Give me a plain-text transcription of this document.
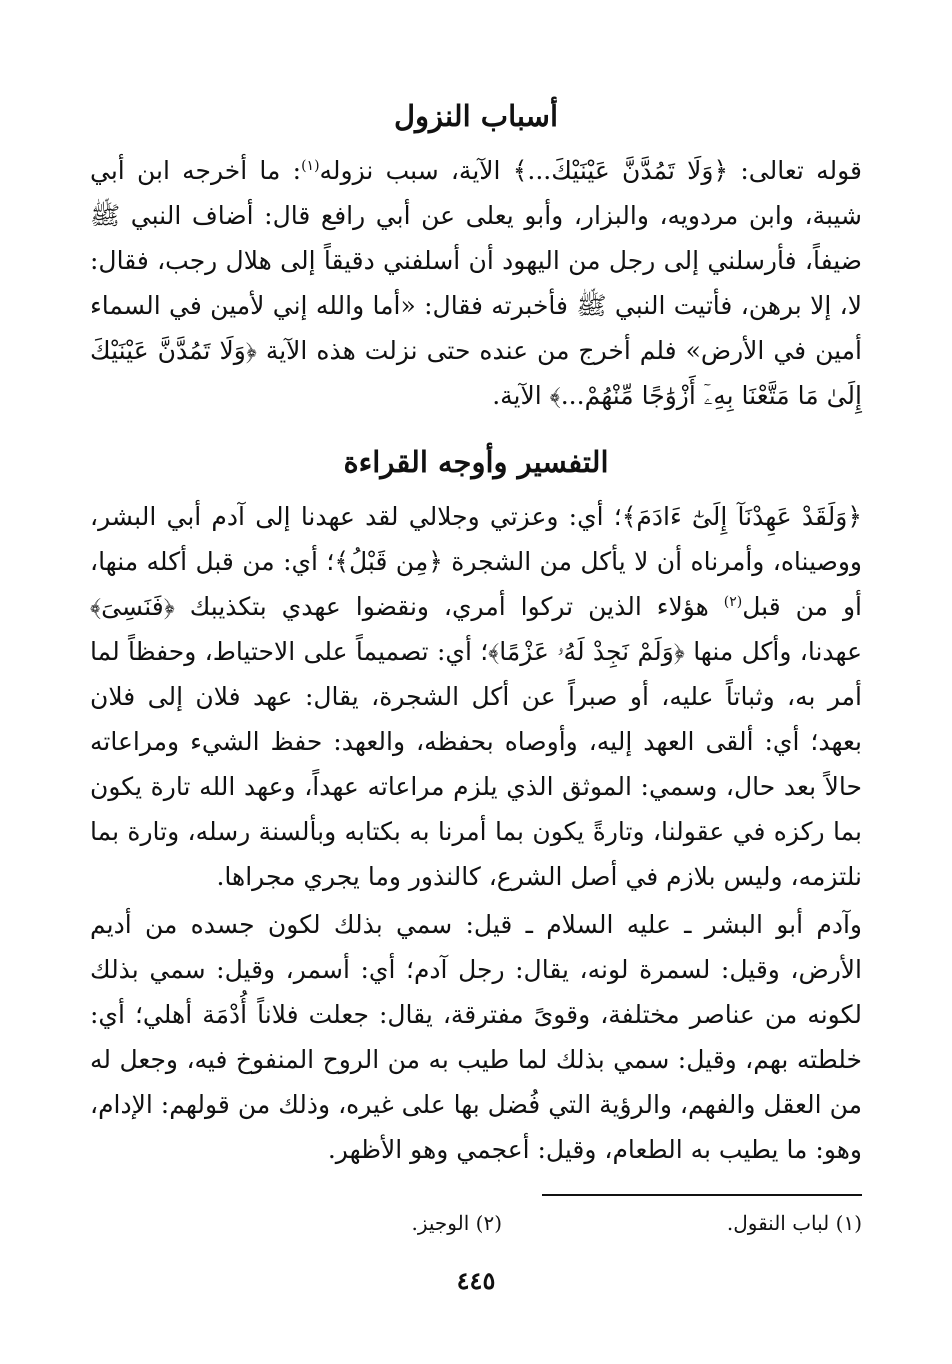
أسباب النزول

قوله تعالى: ﴿وَلَا تَمُدَّنَّ عَيْنَيْكَ...﴾ الآية، سبب نزوله$^{(١)}$: ما أخرجه ابن أبي شيبة، وابن مردويه، والبزار، وأبو يعلى عن أبي رافع قال: أضاف النبي ﷺ ضيفاً، فأرسلني إلى رجل من اليهود أن أسلفني دقيقاً إلى هلال رجب، فقال: لا، إلا برهن، فأتيت النبي ﷺ فأخبرته فقال: «أما والله إني لأمين في السماء أمين في الأرض» فلم أخرج من عنده حتى نزلت هذه الآية ﴿وَلَا تَمُدَّنَّ عَيْنَيْكَ إِلَىٰ مَا مَتَّعْنَا بِهِۦٓ أَزْوَٰجًا مِّنْهُمْ...﴾ الآية.

التفسير وأوجه القراءة

﴿وَلَقَدْ عَهِدْنَآ إِلَىٰٓ ءَادَمَ﴾؛ أي: وعزتي وجلالي لقد عهدنا إلى آدم أبي البشر، ووصيناه، وأمرناه أن لا يأكل من الشجرة ﴿مِن قَبْلُ﴾؛ أي: من قبل أكله منها، أو من قبل$^{(٢)}$ هؤلاء الذين تركوا أمري، ونقضوا عهدي بتكذيبك ﴿فَنَسِىَ﴾ عهدنا، وأكل منها ﴿وَلَمْ نَجِدْ لَهُۥ عَزْمًا﴾؛ أي: تصميماً على الاحتياط، وحفظاً لما أمر به، وثباتاً عليه، أو صبراً عن أكل الشجرة، يقال: عهد فلان إلى فلان بعهد؛ أي: ألقى العهد إليه، وأوصاه بحفظه، والعهد: حفظ الشيء ومراعاته حالاً بعد حال، وسمي: الموثق الذي يلزم مراعاته عهداً، وعهد الله تارة يكون بما ركزه في عقولنا، وتارةً يكون بما أمرنا به بكتابه وبألسنة رسله، وتارة بما نلتزمه، وليس بلازم في أصل الشرع، كالنذور وما يجري مجراها.

وآدم أبو البشر ـ عليه السلام ـ قيل: سمي بذلك لكون جسده من أديم الأرض، وقيل: لسمرة لونه، يقال: رجل آدم؛ أي: أسمر، وقيل: سمي بذلك لكونه من عناصر مختلفة، وقوىً مفترقة، يقال: جعلت فلاناً أُدْمَة أهلي؛ أي: خلطته بهم، وقيل: سمي بذلك لما طيب به من الروح المنفوخ فيه، وجعل له من العقل والفهم، والرؤية التي فُضل بها على غيره، وذلك من قولهم: الإدام، وهو: ما يطيب به الطعام، وقيل: أعجمي وهو الأظهر.

(١) لباب النقول.
(٢) الوجيز.
٤٤٥
